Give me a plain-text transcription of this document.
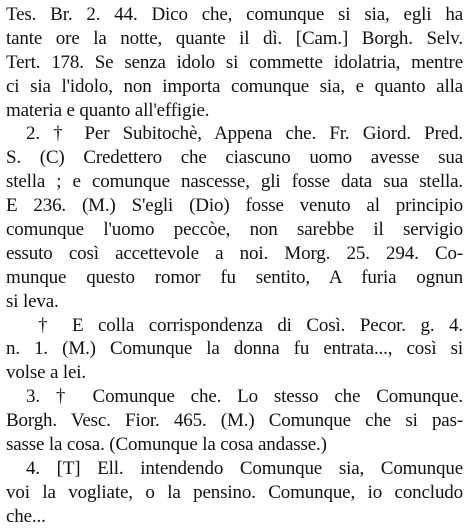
Tes. Br. 2. 44. Dico che, comunque si sia, egli ha
tante ore la notte, quante il dì. [Cam.] Borgh. Selv.
Tert. 178. Se senza idolo si commette idolatria, mentre
ci sia l'idolo, non importa comunque sia, e quanto alla
materia e quanto all'effigie.
2. † Per Subitochè, Appena che. Fr. Giord. Pred.
S. (C) Credettero che ciascuno uomo avesse sua
stella ; e comunque nascesse, gli fosse data sua stella.
E 236. (M.) S'egli (Dio) fosse venuto al principio
comunque l'uomo peccòe, non sarebbe il servigio
essuto così accettevole a noi. Morg. 25. 294. Co-
munque questo romor fu sentito, A furia ognun
si leva.
† E colla corrispondenza di Così. Pecor. g. 4.
n. 1. (M.) Comunque la donna fu entrata..., così si
volse a lei.
3. † Comunque che. Lo stesso che Comunque.
Borgh. Vesc. Fior. 465. (M.) Comunque che si pas-
sasse la cosa. (Comunque la cosa andasse.)
4. [T] Ell. intendendo Comunque sia, Comunque
voi la vogliate, o la pensino. Comunque, io concludo
che...
